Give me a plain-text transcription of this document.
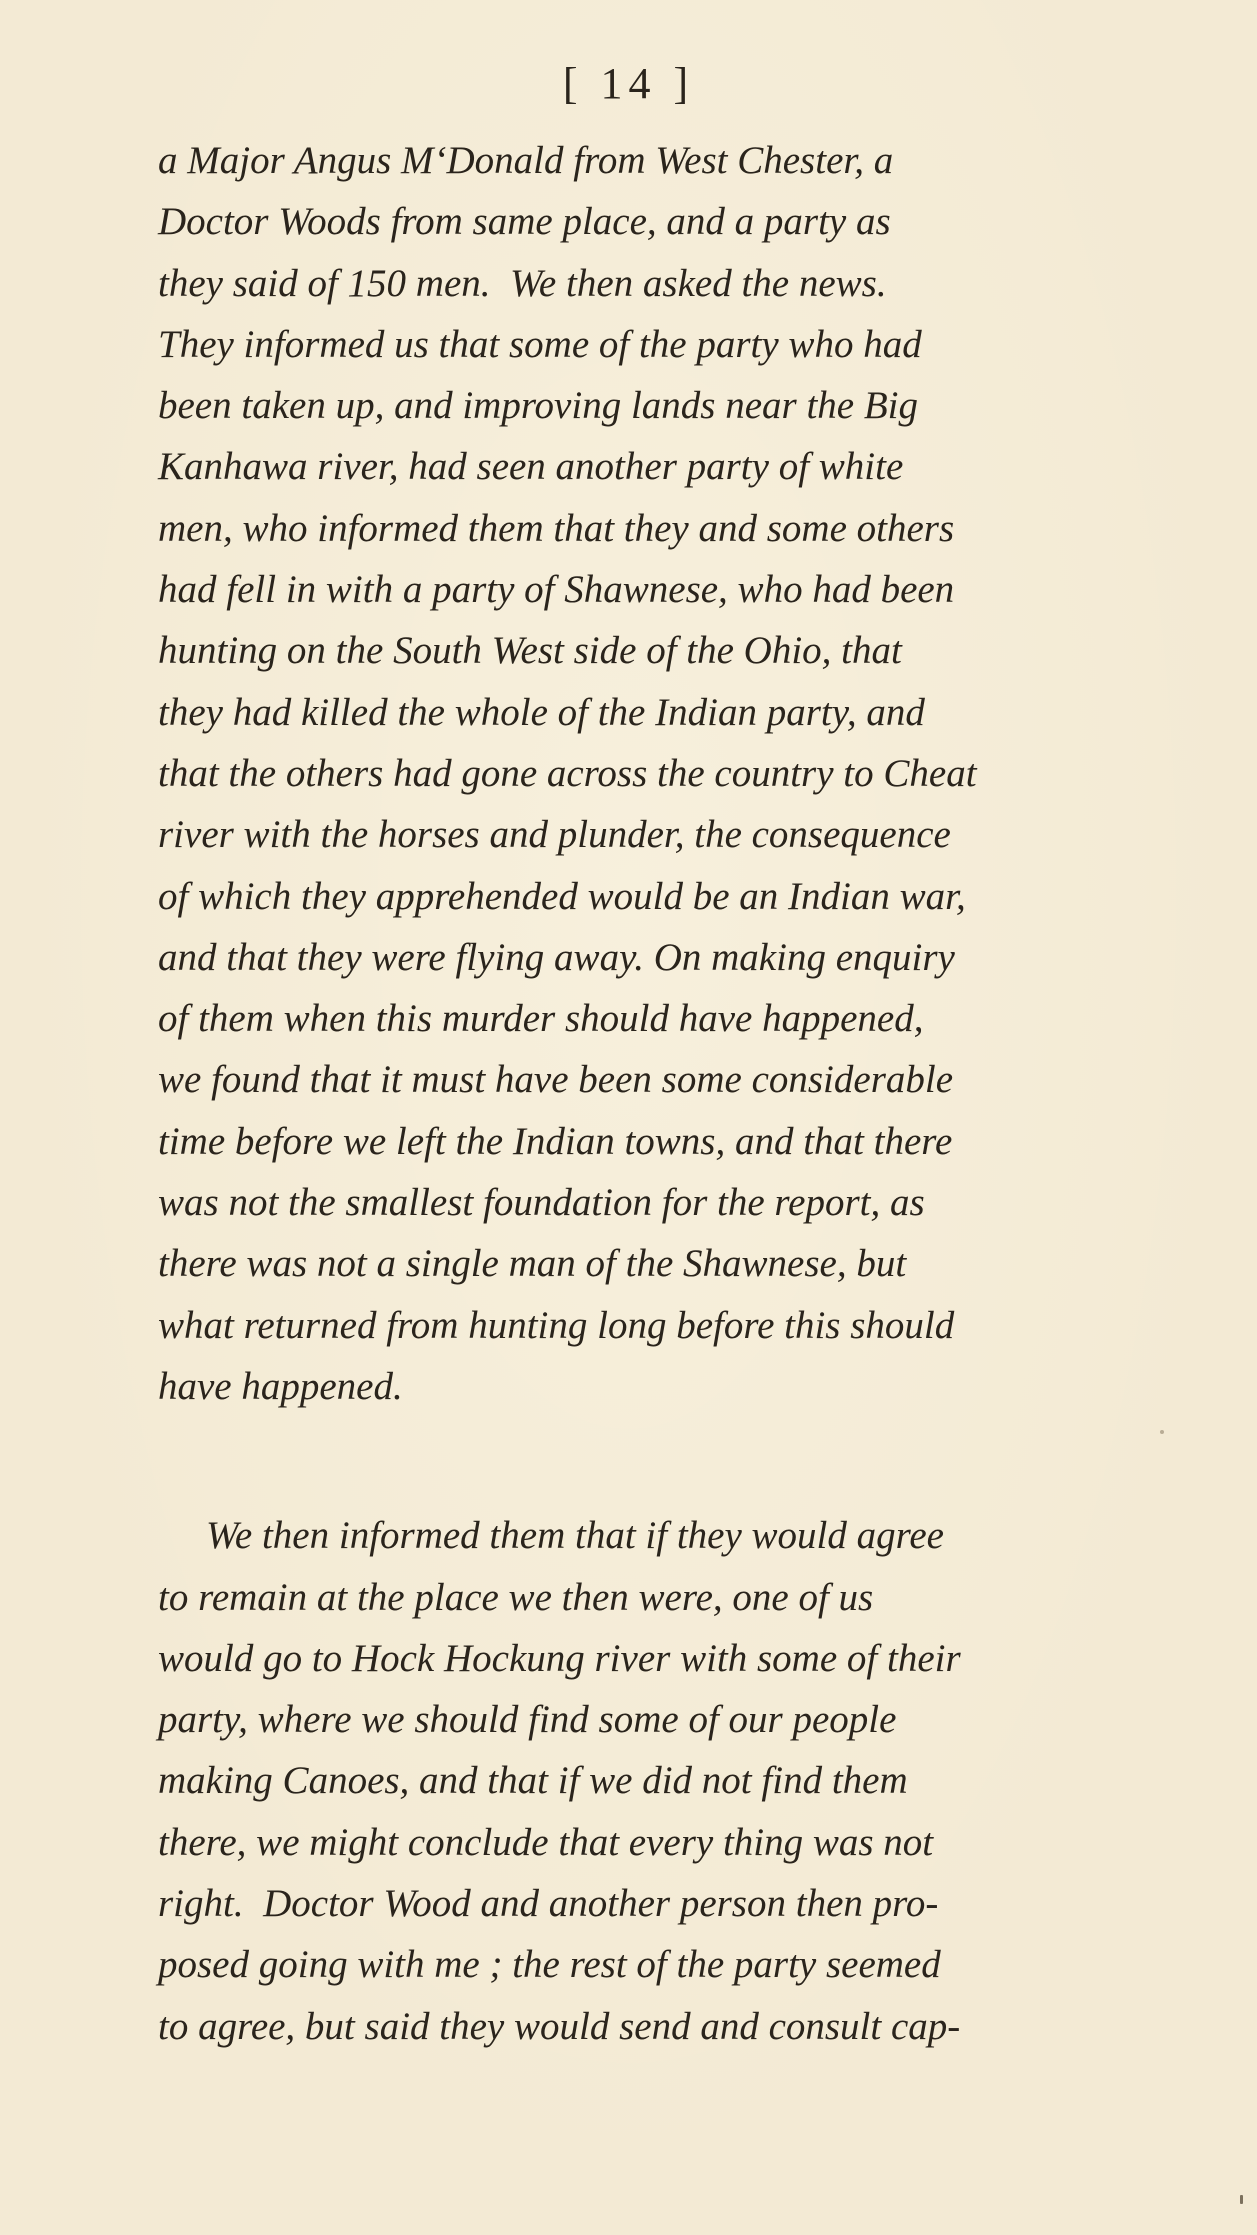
[ 14 ]
a Major Angus M‘Donald from West Chester, a
Doctor Woods from same place, and a party as
they said of 150 men.  We then asked the news.
They informed us that some of the party who had
been taken up, and improving lands near the Big
Kanhawa river, had seen another party of white
men, who informed them that they and some others
had fell in with a party of Shawnese, who had been
hunting on the South West side of the Ohio, that
they had killed the whole of the Indian party, and
that the others had gone across the country to Cheat
river with the horses and plunder, the consequence
of which they apprehended would be an Indian war,
and that they were flying away. On making enquiry
of them when this murder should have happened,
we found that it must have been some considerable
time before we left the Indian towns, and that there
was not the smallest foundation for the report, as
there was not a single man of the Shawnese, but
what returned from hunting long before this should
have happened.
We then informed them that if they would agree
to remain at the place we then were, one of us
would go to Hock Hockung river with some of their
party, where we should find some of our people
making Canoes, and that if we did not find them
there, we might conclude that every thing was not
right.  Doctor Wood and another person then pro-
posed going with me ; the rest of the party seemed
to agree, but said they would send and consult cap-
